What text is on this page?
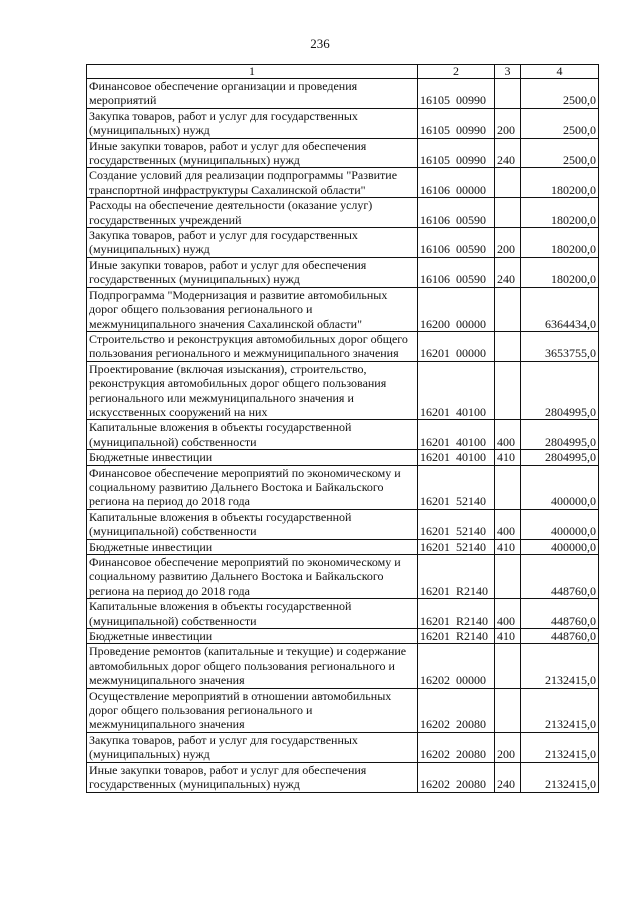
236
1	2	3	4
Финансовое обеспечение организации и проведения мероприятий	16105  00990		2500,0
Закупка товаров, работ и услуг для государственных (муниципальных) нужд	16105  00990	200	2500,0
Иные закупки товаров, работ и услуг для обеспечения государственных (муниципальных) нужд	16105  00990	240	2500,0
Создание условий для реализации подпрограммы "Развитие транспортной инфраструктуры Сахалинской области"	16106  00000		180200,0
Расходы на обеспечение деятельности (оказание услуг) государственных учреждений	16106  00590		180200,0
Закупка товаров, работ и услуг для государственных (муниципальных) нужд	16106  00590	200	180200,0
Иные закупки товаров, работ и услуг для обеспечения государственных (муниципальных) нужд	16106  00590	240	180200,0
Подпрограмма "Модернизация и развитие автомобильных дорог общего пользования регионального и межмуниципального значения Сахалинской области"	16200  00000		6364434,0
Строительство и реконструкция автомобильных дорог общего пользования регионального и межмуниципального значения	16201  00000		3653755,0
Проектирование (включая изыскания), строительство, реконструкция автомобильных дорог общего пользования регионального или межмуниципального значения и искусственных сооружений на них	16201  40100		2804995,0
Капитальные вложения в объекты государственной (муниципальной) собственности	16201  40100	400	2804995,0
Бюджетные инвестиции	16201  40100	410	2804995,0
Финансовое обеспечение мероприятий по экономическому и социальному развитию Дальнего Востока и Байкальского региона на период до 2018 года	16201  52140		400000,0
Капитальные вложения в объекты государственной (муниципальной) собственности	16201  52140	400	400000,0
Бюджетные инвестиции	16201  52140	410	400000,0
Финансовое обеспечение мероприятий по экономическому и социальному развитию Дальнего Востока и Байкальского региона на период до 2018 года	16201  R2140		448760,0
Капитальные вложения в объекты государственной (муниципальной) собственности	16201  R2140	400	448760,0
Бюджетные инвестиции	16201  R2140	410	448760,0
Проведение ремонтов (капитальные и текущие) и содержание автомобильных дорог общего пользования регионального и межмуниципального значения	16202  00000		2132415,0
Осуществление мероприятий в отношении автомобильных дорог общего пользования регионального и межмуниципального значения	16202  20080		2132415,0
Закупка товаров, работ и услуг для государственных (муниципальных) нужд	16202  20080	200	2132415,0
Иные закупки товаров, работ и услуг для обеспечения государственных (муниципальных) нужд	16202  20080	240	2132415,0
